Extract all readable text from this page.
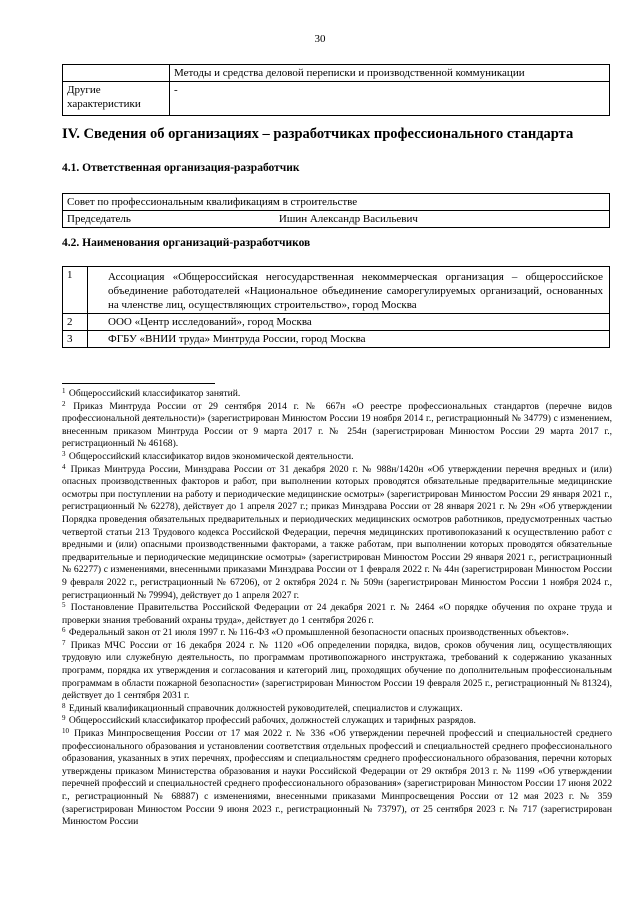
30
	Методы и средства деловой переписки и производственной коммуникации
Другие характеристики	-
IV. Сведения об организациях – разработчиках профессионального стандарта
4.1. Ответственная организация-разработчик
Совет по профессиональным квалификациям в строительстве
Председатель	Ишин Александр Васильевич
4.2. Наименования организаций-разработчиков
1	Ассоциация «Общероссийская негосударственная некоммерческая организация – общероссийское объединение работодателей «Национальное объединение саморегулируемых организаций, основанных на членстве лиц, осуществляющих строительство», город Москва
2	ООО «Центр исследований», город Москва
3	ФГБУ «ВНИИ труда» Минтруда России, город Москва

$^1$ Общероссийский классификатор занятий.

$^2$ Приказ Минтруда России от 29 сентября 2014 г. № 667н «О реестре профессиональных стандартов (перечне видов профессиональной деятельности)» (зарегистрирован Минюстом России 19 ноября 2014 г., регистрационный № 34779) с изменением, внесенным приказом Минтруда России от 9 марта 2017 г. № 254н (зарегистрирован Минюстом России 29 марта 2017 г., регистрационный № 46168).

$^3$ Общероссийский классификатор видов экономической деятельности.

$^4$ Приказ Минтруда России, Минздрава России от 31 декабря 2020 г. № 988н/1420н «Об утверждении перечня вредных и (или) опасных производственных факторов и работ, при выполнении которых проводятся обязательные предварительные медицинские осмотры при поступлении на работу и периодические медицинские осмотры» (зарегистрирован Минюстом России 29 января 2021 г., регистрационный № 62278), действует до 1 апреля 2027 г.; приказ Минздрава России от 28 января 2021 г. № 29н «Об утверждении Порядка проведения обязательных предварительных и периодических медицинских осмотров работников, предусмотренных частью четвертой статьи 213 Трудового кодекса Российской Федерации, перечня медицинских противопоказаний к осуществлению работ с вредными и (или) опасными производственными факторами, а также работам, при выполнении которых проводятся обязательные предварительные и периодические медицинские осмотры» (зарегистрирован Минюстом России 29 января 2021 г., регистрационный № 62277) с изменениями, внесенными приказами Минздрава России от 1 февраля 2022 г. № 44н (зарегистрирован Минюстом России 9 февраля 2022 г., регистрационный № 67206), от 2 октября 2024 г. № 509н (зарегистрирован Минюстом России 1 ноября 2024 г., регистрационный № 79994), действует до 1 апреля 2027 г.

$^5$ Постановление Правительства Российской Федерации от 24 декабря 2021 г. № 2464 «О порядке обучения по охране труда и проверки знания требований охраны труда», действует до 1 сентября 2026 г.

$^6$ Федеральный закон от 21 июля 1997 г. № 116-ФЗ «О промышленной безопасности опасных производственных объектов».

$^7$ Приказ МЧС России от 16 декабря 2024 г. № 1120 «Об определении порядка, видов, сроков обучения лиц, осуществляющих трудовую или служебную деятельность, по программам противопожарного инструктажа, требований к содержанию указанных программ, порядка их утверждения и согласования и категорий лиц, проходящих обучение по дополнительным профессиональным программам в области пожарной безопасности» (зарегистрирован Минюстом России 19 февраля 2025 г., регистрационный № 81324), действует до 1 сентября 2031 г.

$^8$ Единый квалификационный справочник должностей руководителей, специалистов и служащих.

$^9$ Общероссийский классификатор профессий рабочих, должностей служащих и тарифных разрядов.

$^{10}$ Приказ Минпросвещения России от 17 мая 2022 г. № 336 «Об утверждении перечней профессий и специальностей среднего профессионального образования и установлении соответствия отдельных профессий и специальностей среднего профессионального образования, указанных в этих перечнях, профессиям и специальностям среднего профессионального образования, перечни которых утверждены приказом Министерства образования и науки Российской Федерации от 29 октября 2013 г. № 1199 «Об утверждении перечней профессий и специальностей среднего профессионального образования» (зарегистрирован Минюстом России 17 июня 2022 г., регистрационный № 68887) с изменениями, внесенными приказами Минпросвещения России от 12 мая 2023 г. № 359 (зарегистрирован Минюстом России 9 июня 2023 г., регистрационный № 73797), от 25 сентября 2023 г. № 717 (зарегистрирован Минюстом России
